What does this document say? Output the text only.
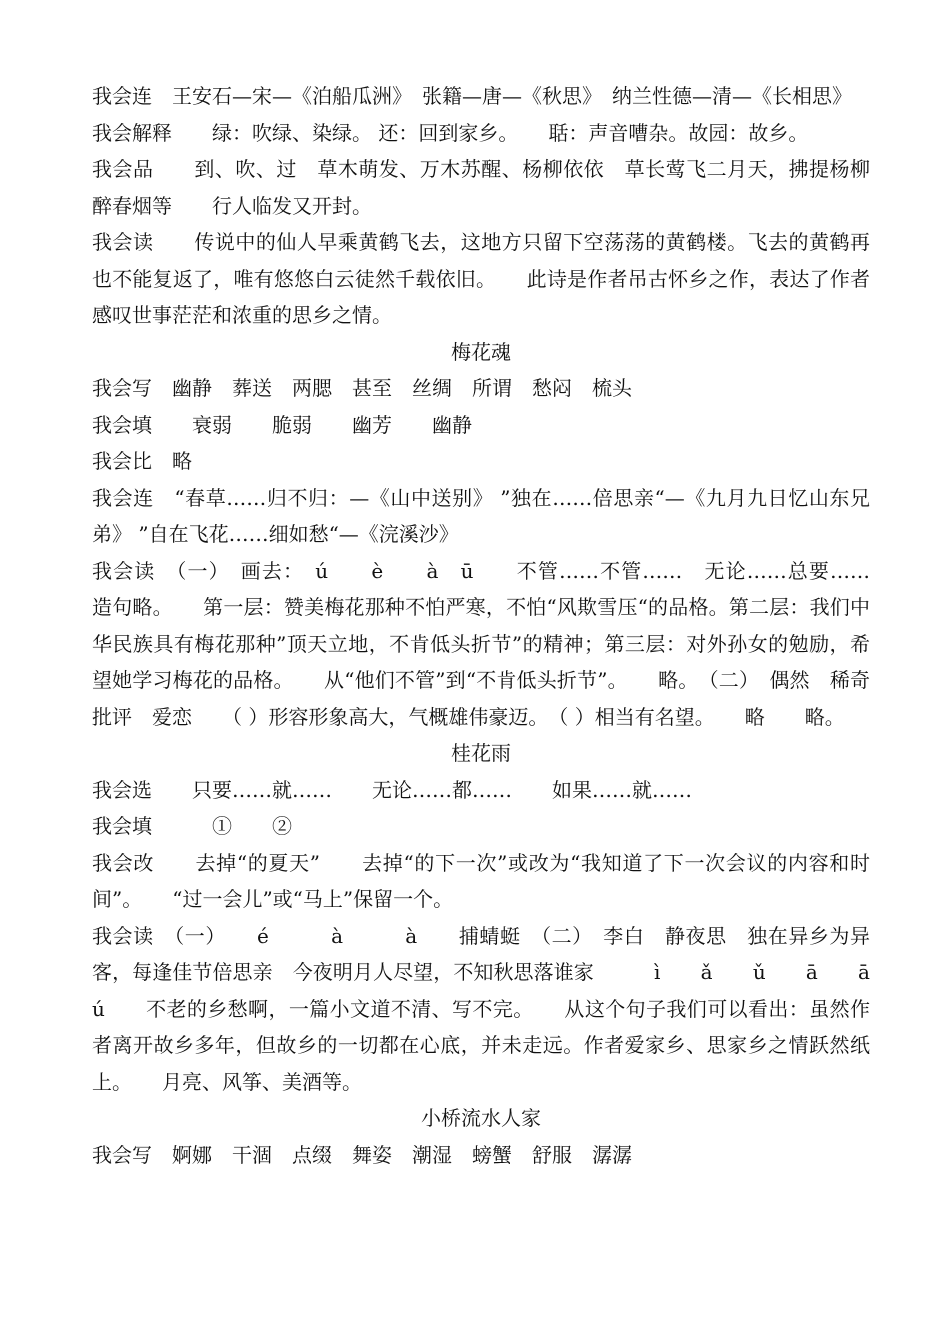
我会连　王安石—宋—《泊船瓜洲》　张籍—唐—《秋思》　纳兰性德—清—《长相思》

我会解释　　绿：吹绿、染绿。 还：回到家乡。　　聒：声音嘈杂。故园：故乡。

我会品　　到、吹、过　草木萌发、万木苏醒、杨柳依依　草长莺飞二月天，拂提杨柳醉春烟等　　行人临发又开封。

我会读　　传说中的仙人早乘黄鹤飞去，这地方只留下空荡荡的黄鹤楼。飞去的黄鹤再也不能复返了，唯有悠悠白云徒然千载依旧。　　此诗是作者吊古怀乡之作，表达了作者感叹世事茫茫和浓重的思乡之情。

梅花魂

我会写　幽静　葬送　两腮　甚至　丝绸　所谓　愁闷　梳头

我会填　　衰弱　　脆弱　　幽芳　　幽静

我会比　略

我会连　“春草……归不归：—《山中送别》 ”独在……倍思亲“—《九月九日忆山东兄弟》 ”自在飞花……细如愁“—《浣溪沙》

我会读　（一）　画去：　ú　　è　　à　ū　　不管……不管……　无论……总要……　造句略。　　第一层：赞美梅花那种不怕严寒，不怕“风欺雪压“的品格。第二层：我们中华民族具有梅花那种”顶天立地，不肯低头折节”的精神；第三层：对外孙女的勉励，希望她学习梅花的品格。　　从“他们不管”到“不肯低头折节”。　　略。　（二）　偶然　稀奇　批评　爱恋　　（ ）形容形象高大，气概雄伟豪迈。　（ ）相当有名望。　　略　　略。

桂花雨

我会选　　只要……就……　　无论……都……　　如果……就……

我会填　　　①　　②

我会改　　去掉“的夏天”　　去掉“的下一次”或改为“我知道了下一次会议的内容和时间”。　　“过一会儿”或“马上”保留一个。

我会读　（一）　　é　　　à　　　à　　捕蜻蜓　（二）　李白　静夜思　独在异乡为异客，每逢佳节倍思亲　今夜明月人尽望，不知秋思落谁家　　　ì　　ǎ　　ǔ　　ā　　ā　ú　　不老的乡愁啊，一篇小文道不清、写不完。　　从这个句子我们可以看出：虽然作者离开故乡多年，但故乡的一切都在心底，并未走远。作者爱家乡、思家乡之情跃然纸上。　　月亮、风筝、美酒等。

小桥流水人家

我会写　婀娜　干涸　点缀　舞姿　潮湿　螃蟹　舒服　潺潺
